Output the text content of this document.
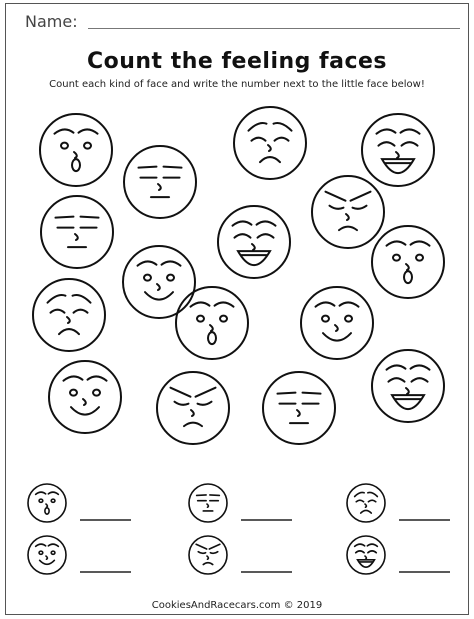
Name:
Count the feeling faces
Count each kind of face and write the number next to the little face below!
CookiesAndRacecars.com © 2019
